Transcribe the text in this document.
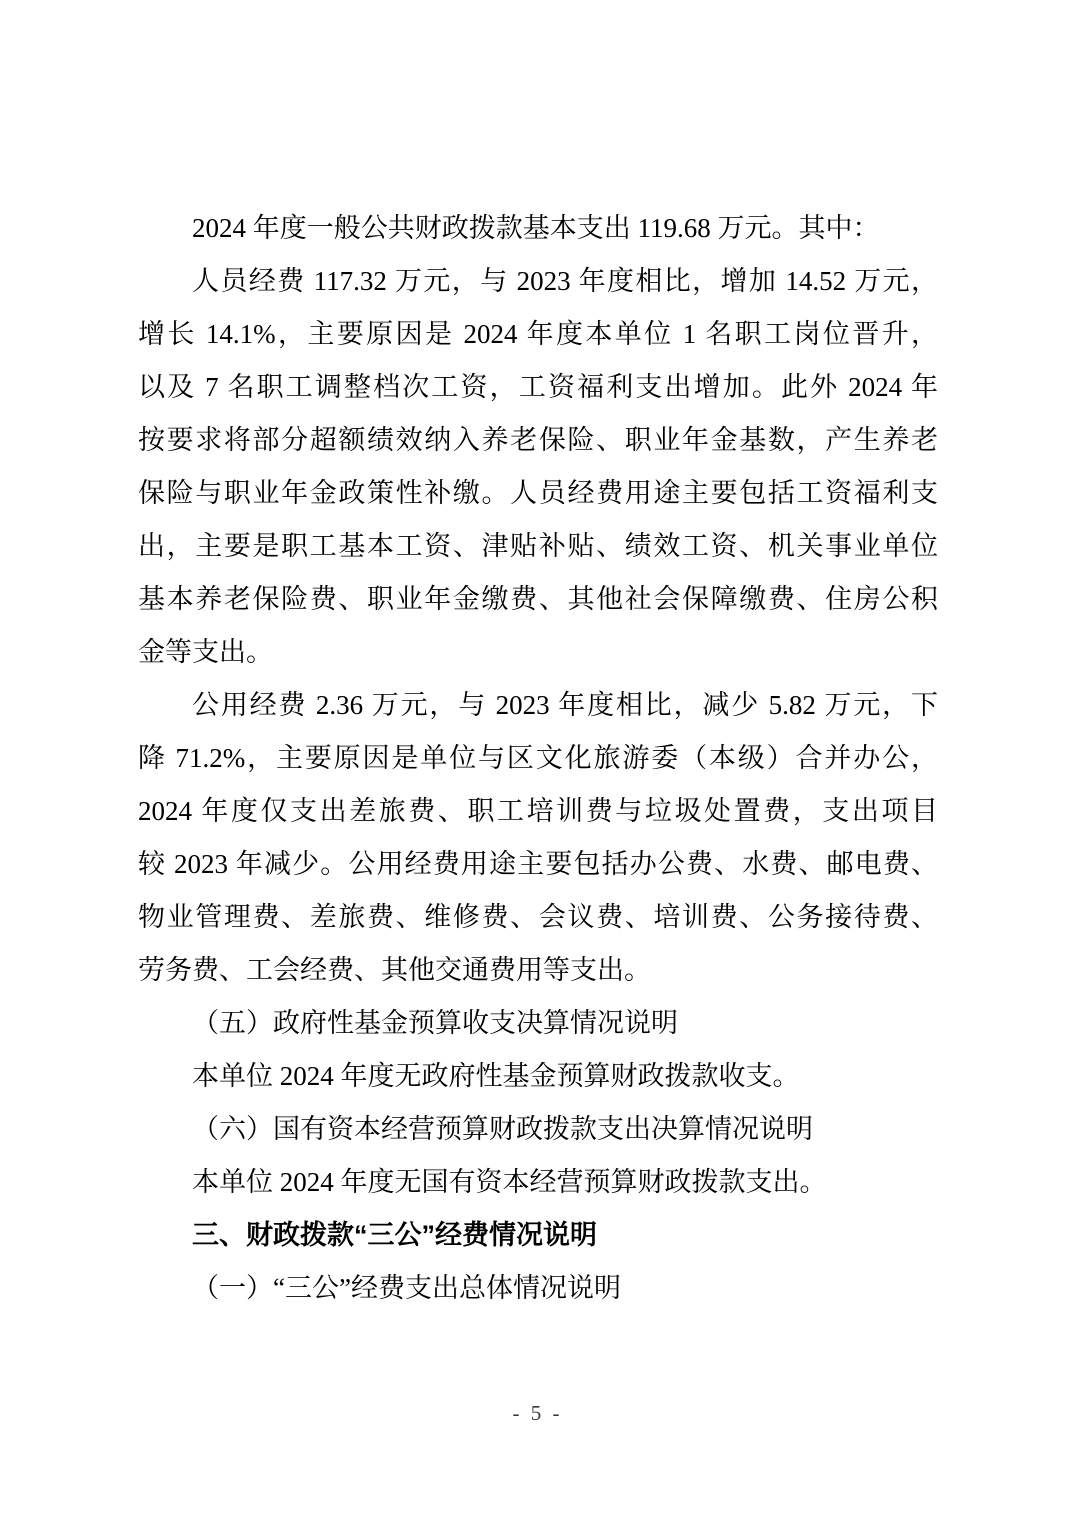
2024 年度一般公共财政拨款基本支出 119.68 万元。其中：
人员经费 117.32 万元，与 2023 年度相比，增加 14.52 万元，
增长 14.1%，主要原因是 2024 年度本单位 1 名职工岗位晋升，
以及 7 名职工调整档次工资，工资福利支出增加。此外 2024 年
按要求将部分超额绩效纳入养老保险、职业年金基数，产生养老
保险与职业年金政策性补缴。人员经费用途主要包括工资福利支
出，主要是职工基本工资、津贴补贴、绩效工资、机关事业单位
基本养老保险费、职业年金缴费、其他社会保障缴费、住房公积
金等支出。
公用经费 2.36 万元，与 2023 年度相比，减少 5.82 万元，下
降 71.2%，主要原因是单位与区文化旅游委（本级）合并办公，
2024 年度仅支出差旅费、职工培训费与垃圾处置费，支出项目
较 2023 年减少。公用经费用途主要包括办公费、水费、邮电费、
物业管理费、差旅费、维修费、会议费、培训费、公务接待费、
劳务费、工会经费、其他交通费用等支出。
（五）政府性基金预算收支决算情况说明
本单位 2024 年度无政府性基金预算财政拨款收支。
（六）国有资本经营预算财政拨款支出决算情况说明
本单位 2024 年度无国有资本经营预算财政拨款支出。
三、财政拨款“三公”经费情况说明
（一）“三公”经费支出总体情况说明
- 5 -
